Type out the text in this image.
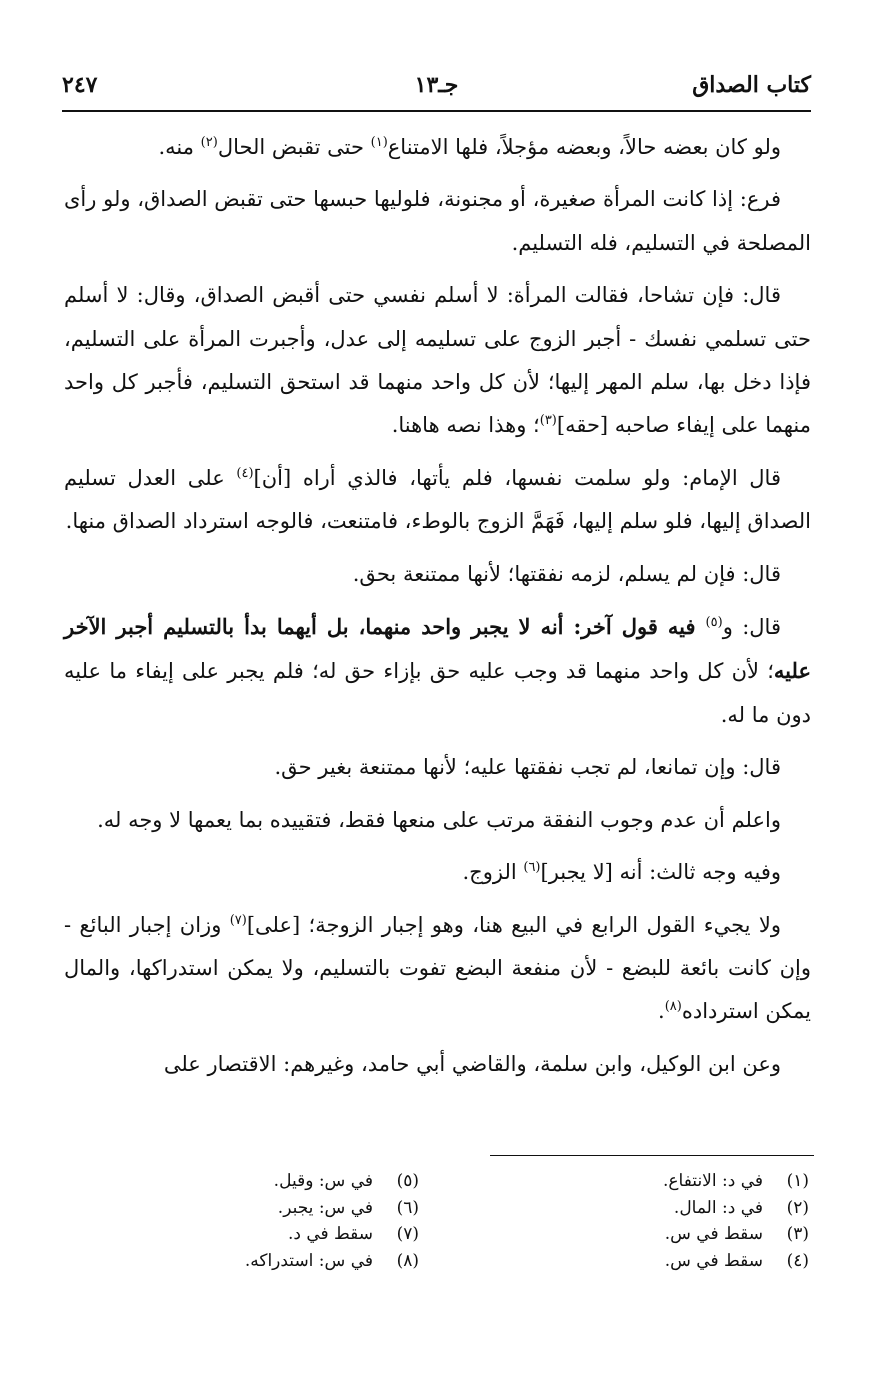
كتاب الصداق
جـ١٣
٢٤٧

ولو كان بعضه حالاً، وبعضه مؤجلاً، فلها الامتناع$^{(١)}$ حتى تقبض الحال$^{(٢)}$ منه.

فرع: إذا كانت المرأة صغيرة، أو مجنونة، فلوليها حبسها حتى تقبض الصداق، ولو رأى المصلحة في التسليم، فله التسليم.

قال: فإن تشاحا، فقالت المرأة: لا أسلم نفسي حتى أقبض الصداق، وقال: لا أسلم حتى تسلمي نفسك - أجبر الزوج على تسليمه إلى عدل، وأجبرت المرأة على التسليم، فإذا دخل بها، سلم المهر إليها؛ لأن كل واحد منهما قد استحق التسليم، فأجبر كل واحد منهما على إيفاء صاحبه [حقه]$^{(٣)}$؛ وهذا نصه هاهنا.

قال الإمام: ولو سلمت نفسها، فلم يأتها، فالذي أراه [أن]$^{(٤)}$ على العدل تسليم الصداق إليها، فلو سلم إليها، فَهَمَّ الزوج بالوطء، فامتنعت، فالوجه استرداد الصداق منها.

قال: فإن لم يسلم، لزمه نفقتها؛ لأنها ممتنعة بحق.

قال: و$^{(٥)}$ فيه قول آخر: أنه لا يجبر واحد منهما، بل أيهما بدأ بالتسليم أجبر الآخر عليه؛ لأن كل واحد منهما قد وجب عليه حق بإزاء حق له؛ فلم يجبر على إيفاء ما عليه دون ما له.

قال: وإن تمانعا، لم تجب نفقتها عليه؛ لأنها ممتنعة بغير حق.

واعلم أن عدم وجوب النفقة مرتب على منعها فقط، فتقييده بما يعمها لا وجه له.

وفيه وجه ثالث: أنه [لا يجبر]$^{(٦)}$ الزوج.

ولا يجيء القول الرابع في البيع هنا، وهو إجبار الزوجة؛ [على]$^{(٧)}$ وزان إجبار البائع - وإن كانت بائعة للبضع - لأن منفعة البضع تفوت بالتسليم، ولا يمكن استدراكها، والمال يمكن استرداده$^{(٨)}$.

وعن ابن الوكيل، وابن سلمة، والقاضي أبي حامد، وغيرهم: الاقتصار على

(١)في د: الانتفاع.
(٢)في د: المال.
(٣)سقط في س.
(٤)سقط في س.
(٥)في س: وقيل.
(٦)في س: يجبر.
(٧)سقط في د.
(٨)في س: استدراكه.
